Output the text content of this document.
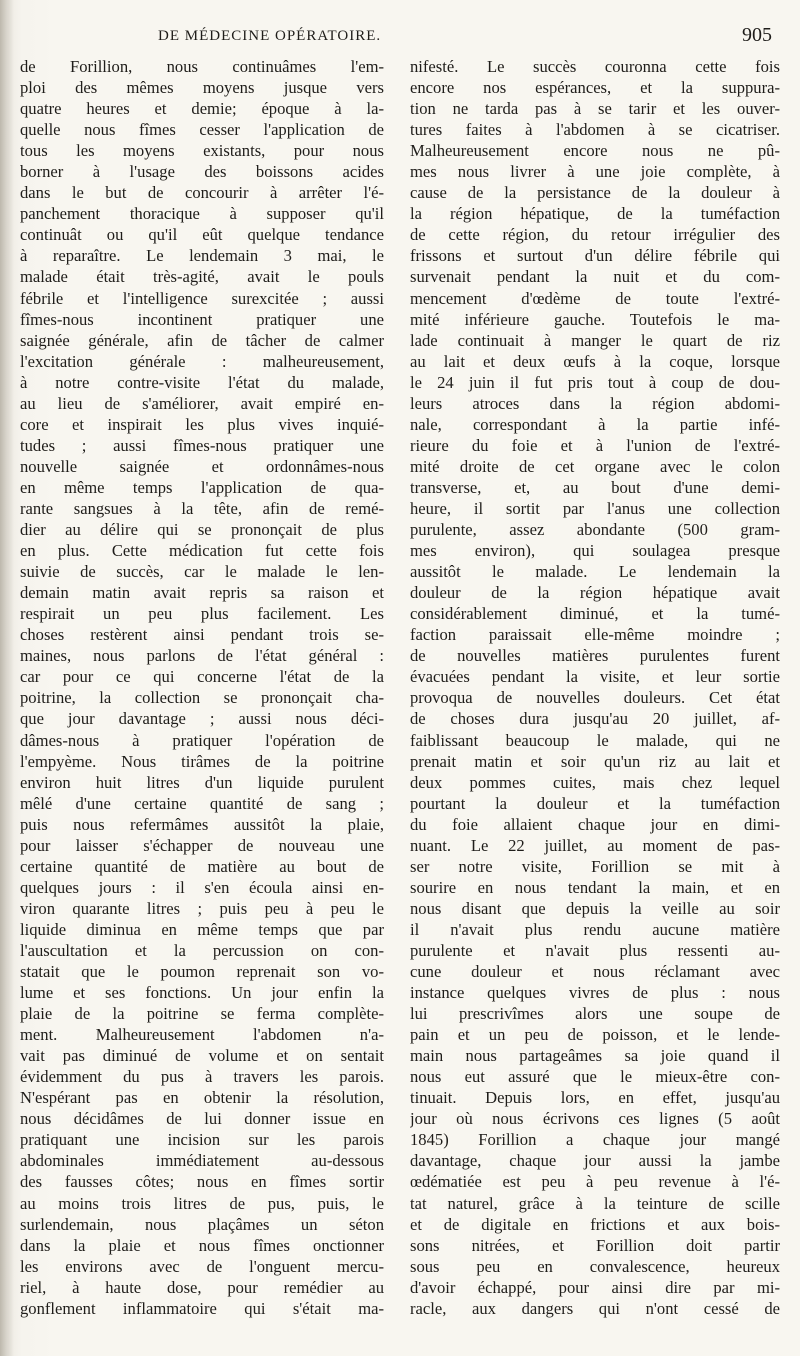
DE MÉDECINE OPÉRATOIRE.	905
de Forillion, nous continuâmes l'em-
ploi des mêmes moyens jusque vers
quatre heures et demie; époque à la-
quelle nous fîmes cesser l'application de
tous les moyens existants, pour nous
borner à l'usage des boissons acides
dans le but de concourir à arrêter l'é-
panchement thoracique à supposer qu'il
continuât ou qu'il eût quelque tendance
à reparaître. Le lendemain 3 mai, le
malade était très-agité, avait le pouls
fébrile et l'intelligence surexcitée ; aussi
fîmes-nous incontinent pratiquer une
saignée générale, afin de tâcher de calmer
l'excitation générale : malheureusement,
à notre contre-visite l'état du malade,
au lieu de s'améliorer, avait empiré en-
core et inspirait les plus vives inquié-
tudes ; aussi fîmes-nous pratiquer une
nouvelle saignée et ordonnâmes-nous
en même temps l'application de qua-
rante sangsues à la tête, afin de remé-
dier au délire qui se prononçait de plus
en plus. Cette médication fut cette fois
suivie de succès, car le malade le len-
demain matin avait repris sa raison et
respirait un peu plus facilement. Les
choses restèrent ainsi pendant trois se-
maines, nous parlons de l'état général :
car pour ce qui concerne l'état de la
poitrine, la collection se prononçait cha-
que jour davantage ; aussi nous déci-
dâmes-nous à pratiquer l'opération de
l'empyème. Nous tirâmes de la poitrine
environ huit litres d'un liquide purulent
mêlé d'une certaine quantité de sang ;
puis nous refermâmes aussitôt la plaie,
pour laisser s'échapper de nouveau une
certaine quantité de matière au bout de
quelques jours : il s'en écoula ainsi en-
viron quarante litres ; puis peu à peu le
liquide diminua en même temps que par
l'auscultation et la percussion on con-
statait que le poumon reprenait son vo-
lume et ses fonctions. Un jour enfin la
plaie de la poitrine se ferma complète-
ment. Malheureusement l'abdomen n'a-
vait pas diminué de volume et on sentait
évidemment du pus à travers les parois.
N'espérant pas en obtenir la résolution,
nous décidâmes de lui donner issue en
pratiquant une incision sur les parois
abdominales immédiatement au-dessous
des fausses côtes; nous en fîmes sortir
au moins trois litres de pus, puis, le
surlendemain, nous plaçâmes un séton
dans la plaie et nous fîmes onctionner
les environs avec de l'onguent mercu-
riel, à haute dose, pour remédier au
gonflement inflammatoire qui s'était ma-
nifesté. Le succès couronna cette fois
encore nos espérances, et la suppura-
tion ne tarda pas à se tarir et les ouver-
tures faites à l'abdomen à se cicatriser.
Malheureusement encore nous ne pû-
mes nous livrer à une joie complète, à
cause de la persistance de la douleur à
la région hépatique, de la tuméfaction
de cette région, du retour irrégulier des
frissons et surtout d'un délire fébrile qui
survenait pendant la nuit et du com-
mencement d'œdème de toute l'extré-
mité inférieure gauche. Toutefois le ma-
lade continuait à manger le quart de riz
au lait et deux œufs à la coque, lorsque
le 24 juin il fut pris tout à coup de dou-
leurs atroces dans la région abdomi-
nale, correspondant à la partie infé-
rieure du foie et à l'union de l'extré-
mité droite de cet organe avec le colon
transverse, et, au bout d'une demi-
heure, il sortit par l'anus une collection
purulente, assez abondante (500 gram-
mes environ), qui soulagea presque
aussitôt le malade. Le lendemain la
douleur de la région hépatique avait
considérablement diminué, et la tumé-
faction paraissait elle-même moindre ;
de nouvelles matières purulentes furent
évacuées pendant la visite, et leur sortie
provoqua de nouvelles douleurs. Cet état
de choses dura jusqu'au 20 juillet, af-
faiblissant beaucoup le malade, qui ne
prenait matin et soir qu'un riz au lait et
deux pommes cuites, mais chez lequel
pourtant la douleur et la tuméfaction
du foie allaient chaque jour en dimi-
nuant. Le 22 juillet, au moment de pas-
ser notre visite, Forillion se mit à
sourire en nous tendant la main, et en
nous disant que depuis la veille au soir
il n'avait plus rendu aucune matière
purulente et n'avait plus ressenti au-
cune douleur et nous réclamant avec
instance quelques vivres de plus : nous
lui prescrivîmes alors une soupe de
pain et un peu de poisson, et le lende-
main nous partageâmes sa joie quand il
nous eut assuré que le mieux-être con-
tinuait. Depuis lors, en effet, jusqu'au
jour où nous écrivons ces lignes (5 août
1845) Forillion a chaque jour mangé
davantage, chaque jour aussi la jambe
œdématiée est peu à peu revenue à l'é-
tat naturel, grâce à la teinture de scille
et de digitale en frictions et aux bois-
sons nitrées, et Forillion doit partir
sous peu en convalescence, heureux
d'avoir échappé, pour ainsi dire par mi-
racle, aux dangers qui n'ont cessé de
